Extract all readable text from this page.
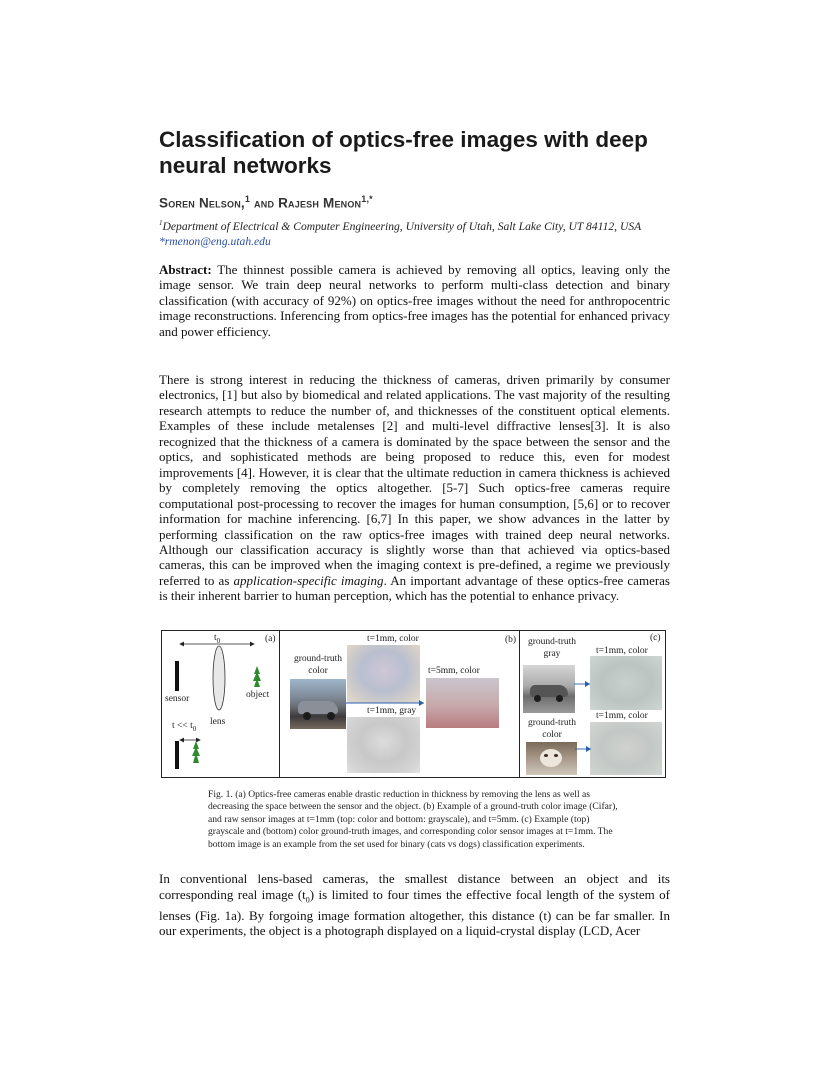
Classification of optics-free images with deep neural networks
Soren Nelson,$^1$ and Rajesh Menon$^{1,*}$
$^1$Department of Electrical & Computer Engineering, University of Utah, Salt Lake City, UT 84112, USA
*rmenon@eng.utah.edu
Abstract: The thinnest possible camera is achieved by removing all optics, leaving only the image sensor. We train deep neural networks to perform multi-class detection and binary classification (with accuracy of 92%) on optics-free images without the need for anthropocentric image reconstructions. Inferencing from optics-free images has the potential for enhanced privacy and power efficiency.
There is strong interest in reducing the thickness of cameras, driven primarily by consumer electronics, [1] but also by biomedical and related applications. The vast majority of the resulting research attempts to reduce the number of, and thicknesses of the constituent optical elements. Examples of these include metalenses [2] and multi-level diffractive lenses[3]. It is also recognized that the thickness of a camera is dominated by the space between the sensor and the optics, and sophisticated methods are being proposed to reduce this, even for modest improvements [4]. However, it is clear that the ultimate reduction in camera thickness is achieved by completely removing the optics altogether. [5-7] Such optics-free cameras require computational post-processing to recover the images for human consumption, [5,6] or to recover information for machine inferencing. [6,7] In this paper, we show advances in the latter by performing classification on the raw optics-free images with trained deep neural networks. Although our classification accuracy is slightly worse than that achieved via optics-based cameras, this can be improved when the imaging context is pre-defined, a regime we previously referred to as application-specific imaging. An important advantage of these optics-free cameras is their inherent barrier to human perception, which has the potential to enhance privacy.
$t_0$	(a)
sensor	object
lens
$t << t_0$
t=1mm, color	(b)
ground-truth color	t=5mm, color
t=1mm, gray
ground-truth gray
(c)
t=1mm, color
t=1mm, color
ground-truth color
Fig. 1. (a) Optics-free cameras enable drastic reduction in thickness by removing the lens as well as decreasing the space between the sensor and the object. (b) Example of a ground-truth color image (Cifar), and raw sensor images at t=1mm (top: color and bottom: grayscale), and t=5mm. (c) Example (top) grayscale and (bottom) color ground-truth images, and corresponding color sensor images at t=1mm. The bottom image is an example from the set used for binary (cats vs dogs) classification experiments.
In conventional lens-based cameras, the smallest distance between an object and its corresponding real image $(t_0)$ is limited to four times the effective focal length of the system of lenses (Fig. 1a). By forgoing image formation altogether, this distance (t) can be far smaller. In our experiments, the object is a photograph displayed on a liquid-crystal display (LCD, Acer
